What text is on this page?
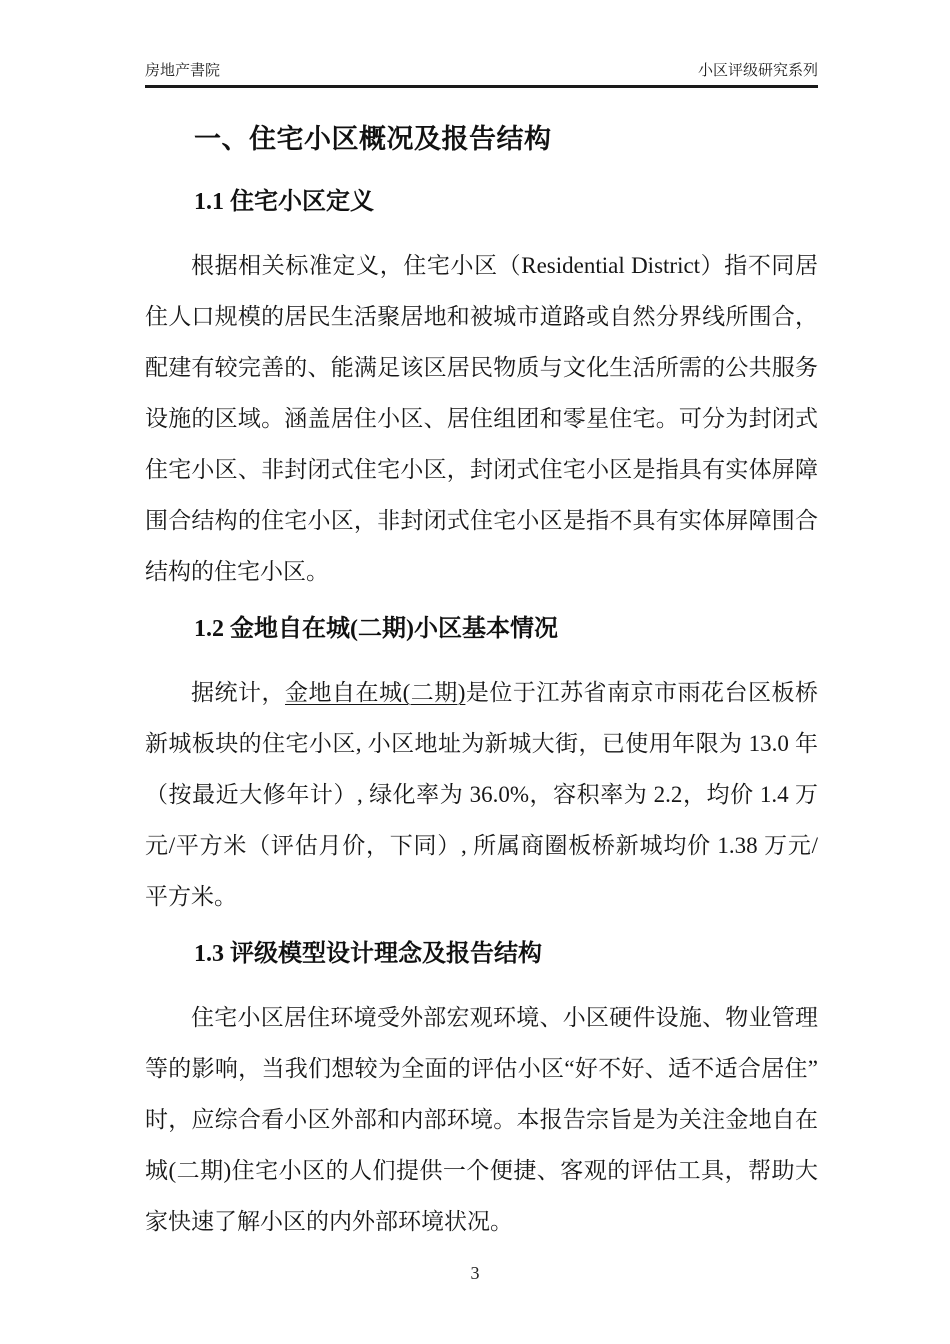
房地产書院	小区评级研究系列
一、住宅小区概况及报告结构
1.1 住宅小区定义

根据相关标准定义，住宅小区（Residential District）指不同居住人口规模的居民生活聚居地和被城市道路或自然分界线所围合，配建有较完善的、能满足该区居民物质与文化生活所需的公共服务设施的区域。涵盖居住小区、居住组团和零星住宅。可分为封闭式住宅小区、非封闭式住宅小区，封闭式住宅小区是指具有实体屏障围合结构的住宅小区，非封闭式住宅小区是指不具有实体屏障围合结构的住宅小区。

1.2 金地自在城(二期)小区基本情况

据统计，金地自在城(二期)是位于江苏省南京市雨花台区板桥新城板块的住宅小区, 小区地址为新城大街，已使用年限为 13.0 年（按最近大修年计）, 绿化率为 36.0%，容积率为 2.2，均价 1.4 万元/平方米（评估月价，下同）, 所属商圈板桥新城均价 1.38 万元/平方米。

1.3 评级模型设计理念及报告结构

住宅小区居住环境受外部宏观环境、小区硬件设施、物业管理等的影响，当我们想较为全面的评估小区“好不好、适不适合居住”时，应综合看小区外部和内部环境。本报告宗旨是为关注金地自在城(二期)住宅小区的人们提供一个便捷、客观的评估工具，帮助大家快速了解小区的内外部环境状况。

3
